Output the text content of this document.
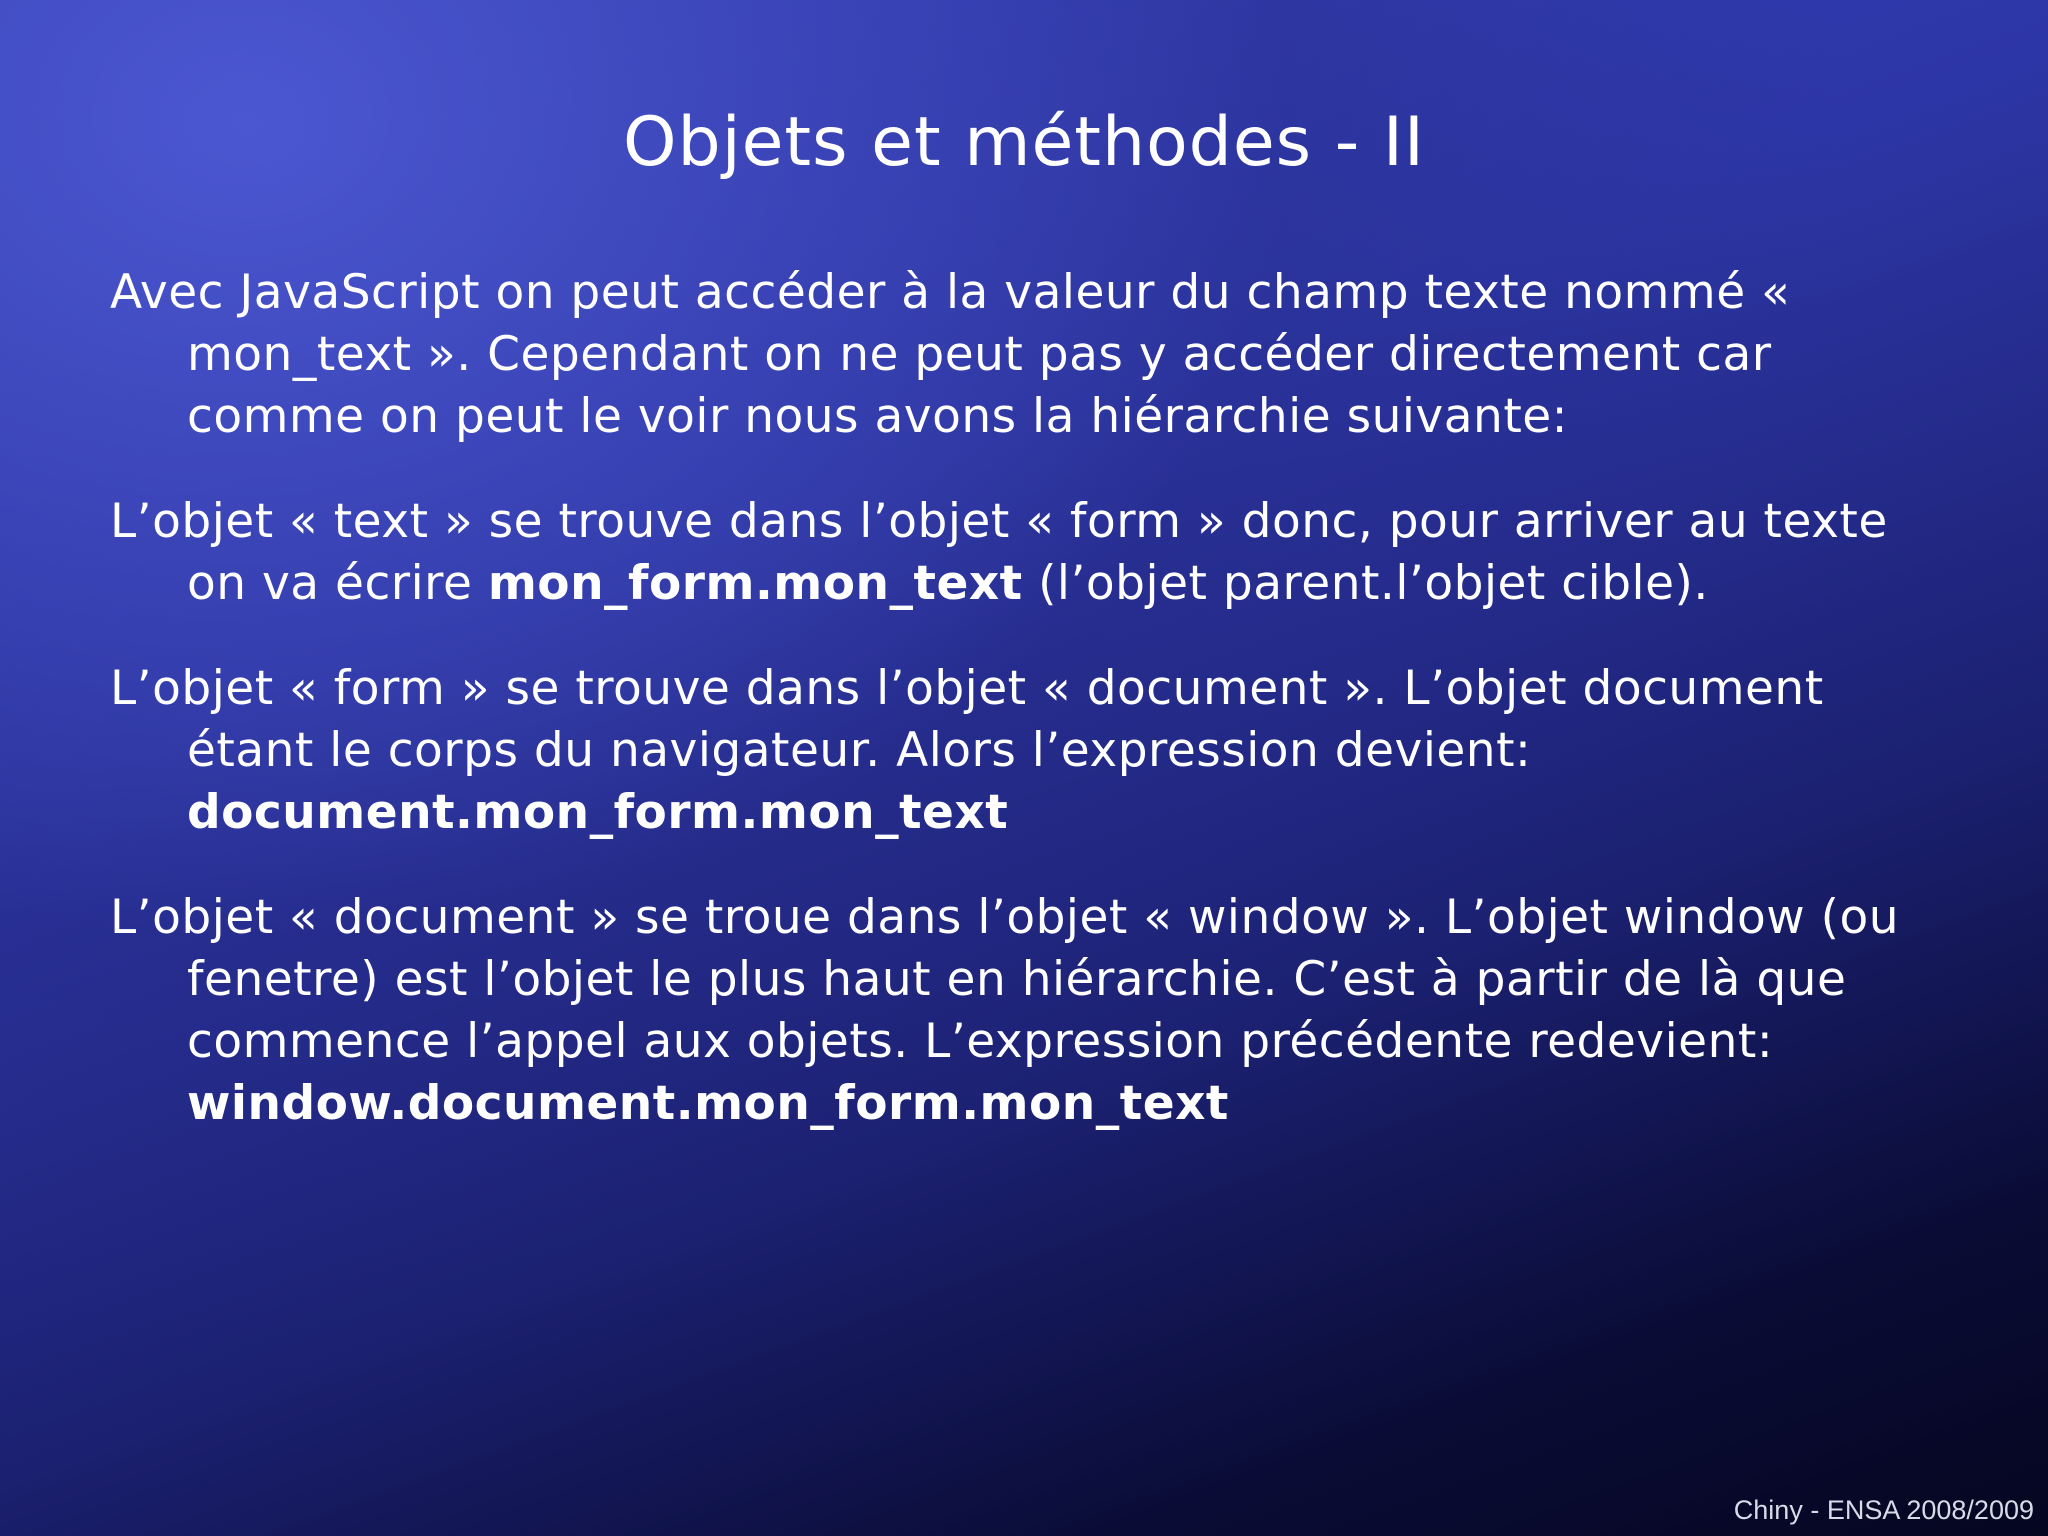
Objets et méthodes - II

Avec JavaScript on peut accéder à la valeur du champ texte nommé « mon_text ». Cependant on ne peut pas y accéder directement car comme on peut le voir nous avons la hiérarchie suivante:

L’objet « text » se trouve dans l’objet « form » donc, pour arriver au texte on va écrire mon_form.mon_text (l’objet parent.l’objet cible).

L’objet « form » se trouve dans l’objet « document ». L’objet document étant le corps du navigateur. Alors l’expression devient: document.mon_form.mon_text

L’objet « document » se troue dans l’objet « window ». L’objet window (ou fenetre) est l’objet le plus haut en hiérarchie. C’est à partir de là que commence l’appel aux objets. L’expression précédente redevient: window.document.mon_form.mon_text

Chiny - ENSA 2008/2009
